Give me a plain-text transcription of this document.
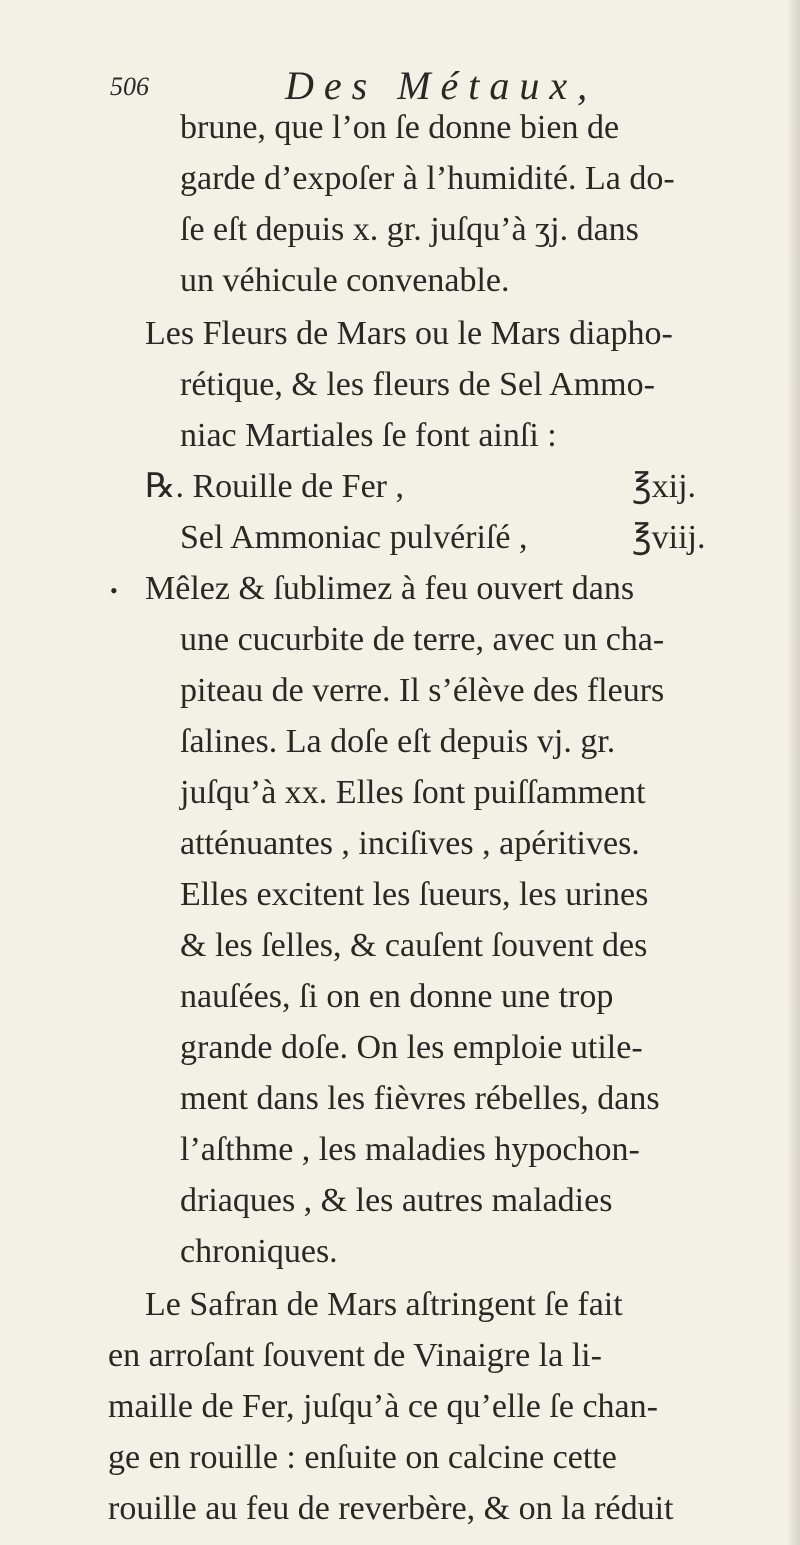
506	Des Métaux,
•
brune, que l’on ſe donne bien de
garde d’expoſer à l’humidité. La do-
ſe eſt depuis x. gr. juſqu’à ʒj. dans
un véhicule convenable.
Les Fleurs de Mars ou le Mars diapho-
rétique, & les fleurs de Sel Ammo-
niac Martiales ſe font ainſi :
℞. Rouille de Fer ,	℥xij.
Sel Ammoniac pulvériſé ,	℥viij.
Mêlez & ſublimez à feu ouvert dans
une cucurbite de terre, avec un cha-
piteau de verre. Il s’élève des fleurs
ſalines. La doſe eſt depuis vj. gr.
juſqu’à xx. Elles ſont puiſſamment
atténuantes , inciſives , apéritives.
Elles excitent les ſueurs, les urines
& les ſelles, & cauſent ſouvent des
nauſées, ſi on en donne une trop
grande doſe. On les emploie utile-
ment dans les fièvres rébelles, dans
l’aſthme , les maladies hypochon-
driaques , & les autres maladies
chroniques.
Le Safran de Mars aſtringent ſe fait
en arroſant ſouvent de Vinaigre la li-
maille de Fer, juſqu’à ce qu’elle ſe chan-
ge en rouille : enſuite on calcine cette
rouille au feu de reverbère, & on la réduit
